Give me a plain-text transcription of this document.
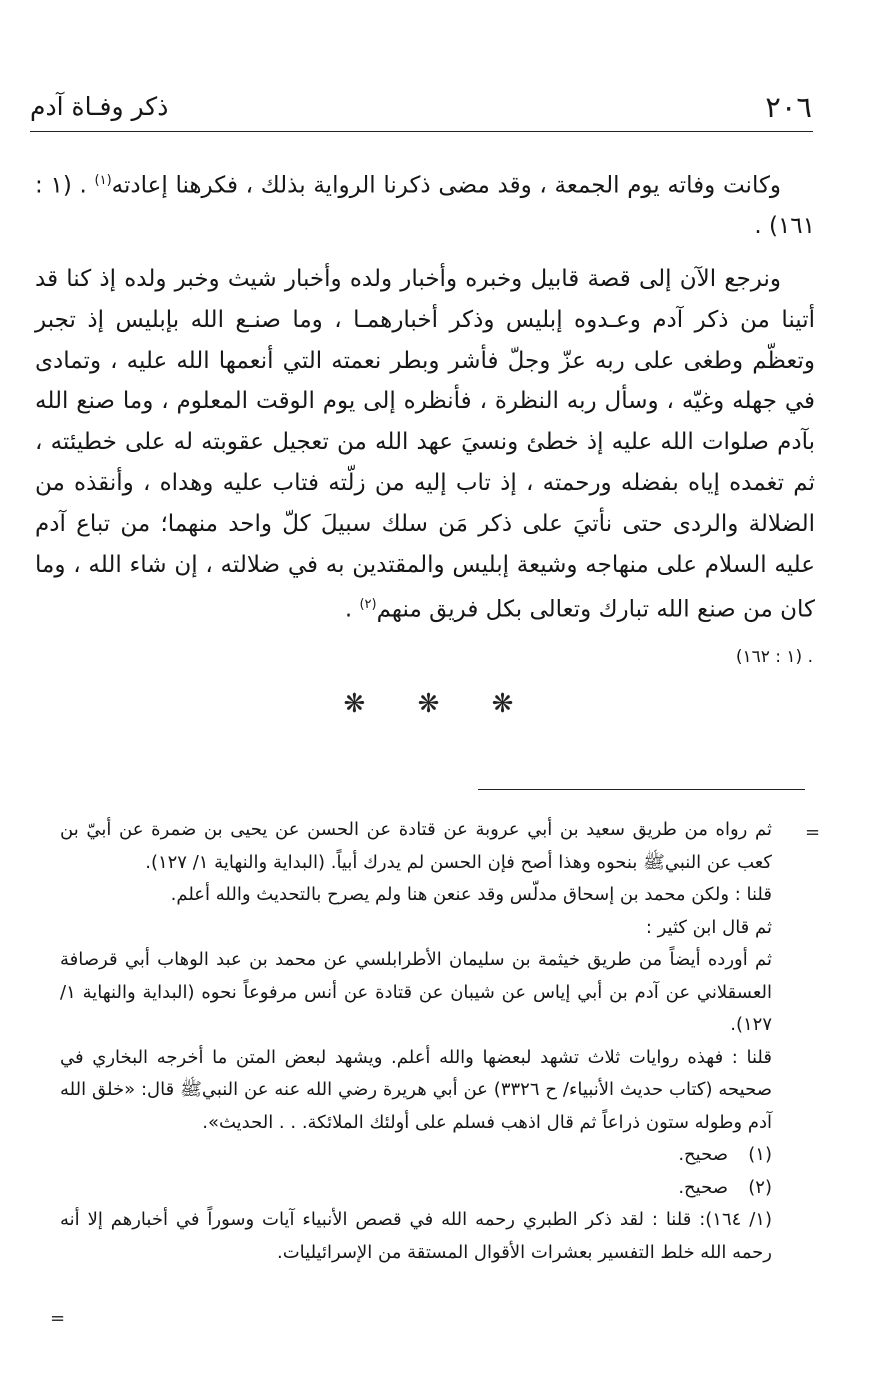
٢٠٦
ذكر وفـاة آدم

وكانت وفاته يوم الجمعة ، وقد مضى ذكرنا الرواية بذلك ، فكرهنا إعادته$^{(١)}$ . (١ : ١٦١) .

ونرجع الآن إلى قصة قابيل وخبره وأخبار ولده وأخبار شيث وخبر ولده إذ كنا قد أتينا من ذكر آدم وعـدوه إبليس وذكر أخبارهمـا ، وما صنـع الله بإبليس إذ تجبر وتعظّم وطغى على ربه عزّ وجلّ فأشر وبطر نعمته التي أنعمها الله عليه ، وتمادى في جهله وغيّه ، وسأل ربه النظرة ، فأنظره إلى يوم الوقت المعلوم ، وما صنع الله بآدم صلوات الله عليه إذ خطئ ونسيَ عهد الله من تعجيل عقوبته له على خطيئته ، ثم تغمده إياه بفضله ورحمته ، إذ تاب إليه من زلّته فتاب عليه وهداه ، وأنقذه من الضلالة والردى حتى نأتيَ على ذكر مَن سلك سبيلَ كلّ واحد منهما؛ من تباع آدم عليه السلام على منهاجه وشيعة إبليس والمقتدين به في ضلالته ، إن شاء الله ، وما كان من صنع الله تبارك وتعالى بكل فريق منهم$^{(٢)}$ .

. (١ : ١٦٢)
❋ ❋ ❋
=

ثم رواه من طريق سعيد بن أبي عروبة عن قتادة عن الحسن عن يحيى بن ضمرة عن أبيّ بن كعب عن النبيﷺ بنحوه وهذا أصح فإن الحسن لم يدرك أبياً. (البداية والنهاية ١/ ١٢٧).

قلنا : ولكن محمد بن إسحاق مدلّس وقد عنعن هنا ولم يصرح بالتحديث والله أعلم.

ثم قال ابن كثير :

ثم أورده أيضاً من طريق خيثمة بن سليمان الأطرابلسي عن محمد بن عبد الوهاب أبي قرصافة العسقلاني عن آدم بن أبي إياس عن شيبان عن قتادة عن أنس مرفوعاً نحوه (البداية والنهاية ١/ ١٢٧).

قلنا : فهذه روايات ثلاث تشهد لبعضها والله أعلم. ويشهد لبعض المتن ما أخرجه البخاري في صحيحه (كتاب حديث الأنبياء/ ح ٣٣٢٦) عن أبي هريرة رضي الله عنه عن النبيﷺ قال: «خلق الله آدم وطوله ستون ذراعاً ثم قال اذهب فسلم على أولئك الملائكة. . . الحديث».

(١)
صحيح.
(٢)
صحيح.

(١/ ١٦٤): قلنا : لقد ذكر الطبري رحمه الله في قصص الأنبياء آيات وسوراً في أخبارهم إلا أنه رحمه الله خلط التفسير بعشرات الأقوال المستقة من الإسرائيليات.

=
